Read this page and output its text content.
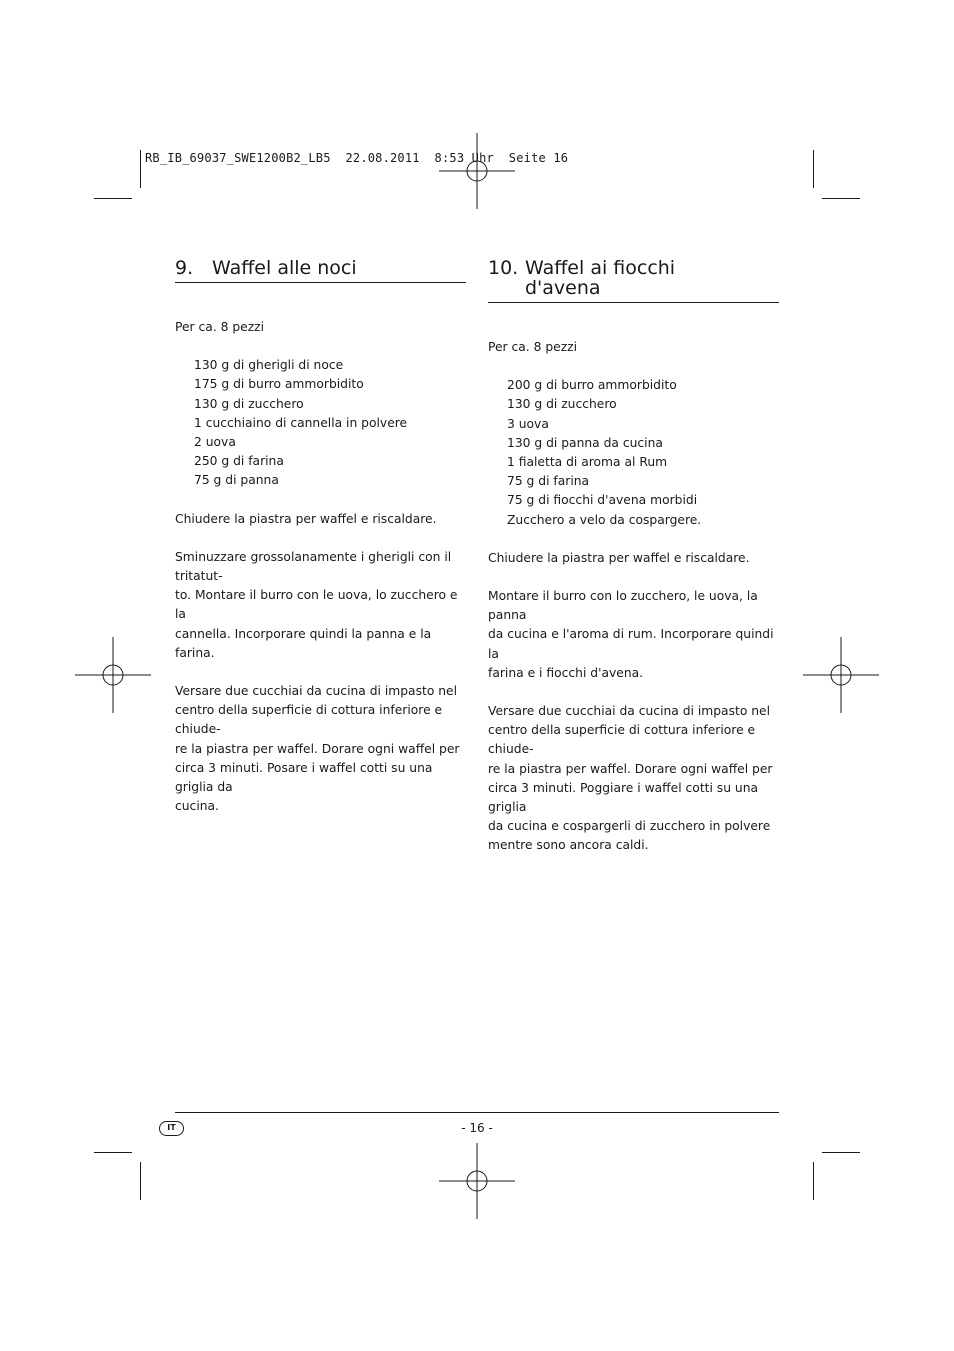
RB_IB_69037_SWE1200B2_LB5  22.08.2011  8:53 Uhr  Seite 16
9. Waffel alle noci

Per ca. 8 pezzi

130 g di gherigli di noce
175 g di burro ammorbidito
130 g di zucchero
1 cucchiaino di cannella in polvere
2 uova
250 g di farina
75 g di panna

Chiudere la piastra per waffel e riscaldare.

Sminuzzare grossolanamente i gherigli con il tritatut-
to. Montare il burro con le uova, lo zucchero e la
cannella. Incorporare quindi la panna e la farina.

Versare due cucchiai da cucina di impasto nel
centro della superficie di cottura inferiore e chiude-
re la piastra per waffel. Dorare ogni waffel per
circa 3 minuti. Posare i waffel cotti su una griglia da
cucina.

10. Waffel ai fiocchi
d'avena

Per ca. 8 pezzi

200 g di burro ammorbidito
130 g di zucchero
3 uova
130 g di panna da cucina
1 fialetta di aroma al Rum
75 g di farina
75 g di fiocchi d'avena morbidi
Zucchero a velo da cospargere.

Chiudere la piastra per waffel e riscaldare.

Montare il burro con lo zucchero, le uova, la panna
da cucina e l'aroma di rum. Incorporare quindi la
farina e i fiocchi d'avena.

Versare due cucchiai da cucina di impasto nel
centro della superficie di cottura inferiore e chiude-
re la piastra per waffel. Dorare ogni waffel per
circa 3 minuti. Poggiare i waffel cotti su una griglia
da cucina e cospargerli di zucchero in polvere
mentre sono ancora caldi.

IT	- 16 -
